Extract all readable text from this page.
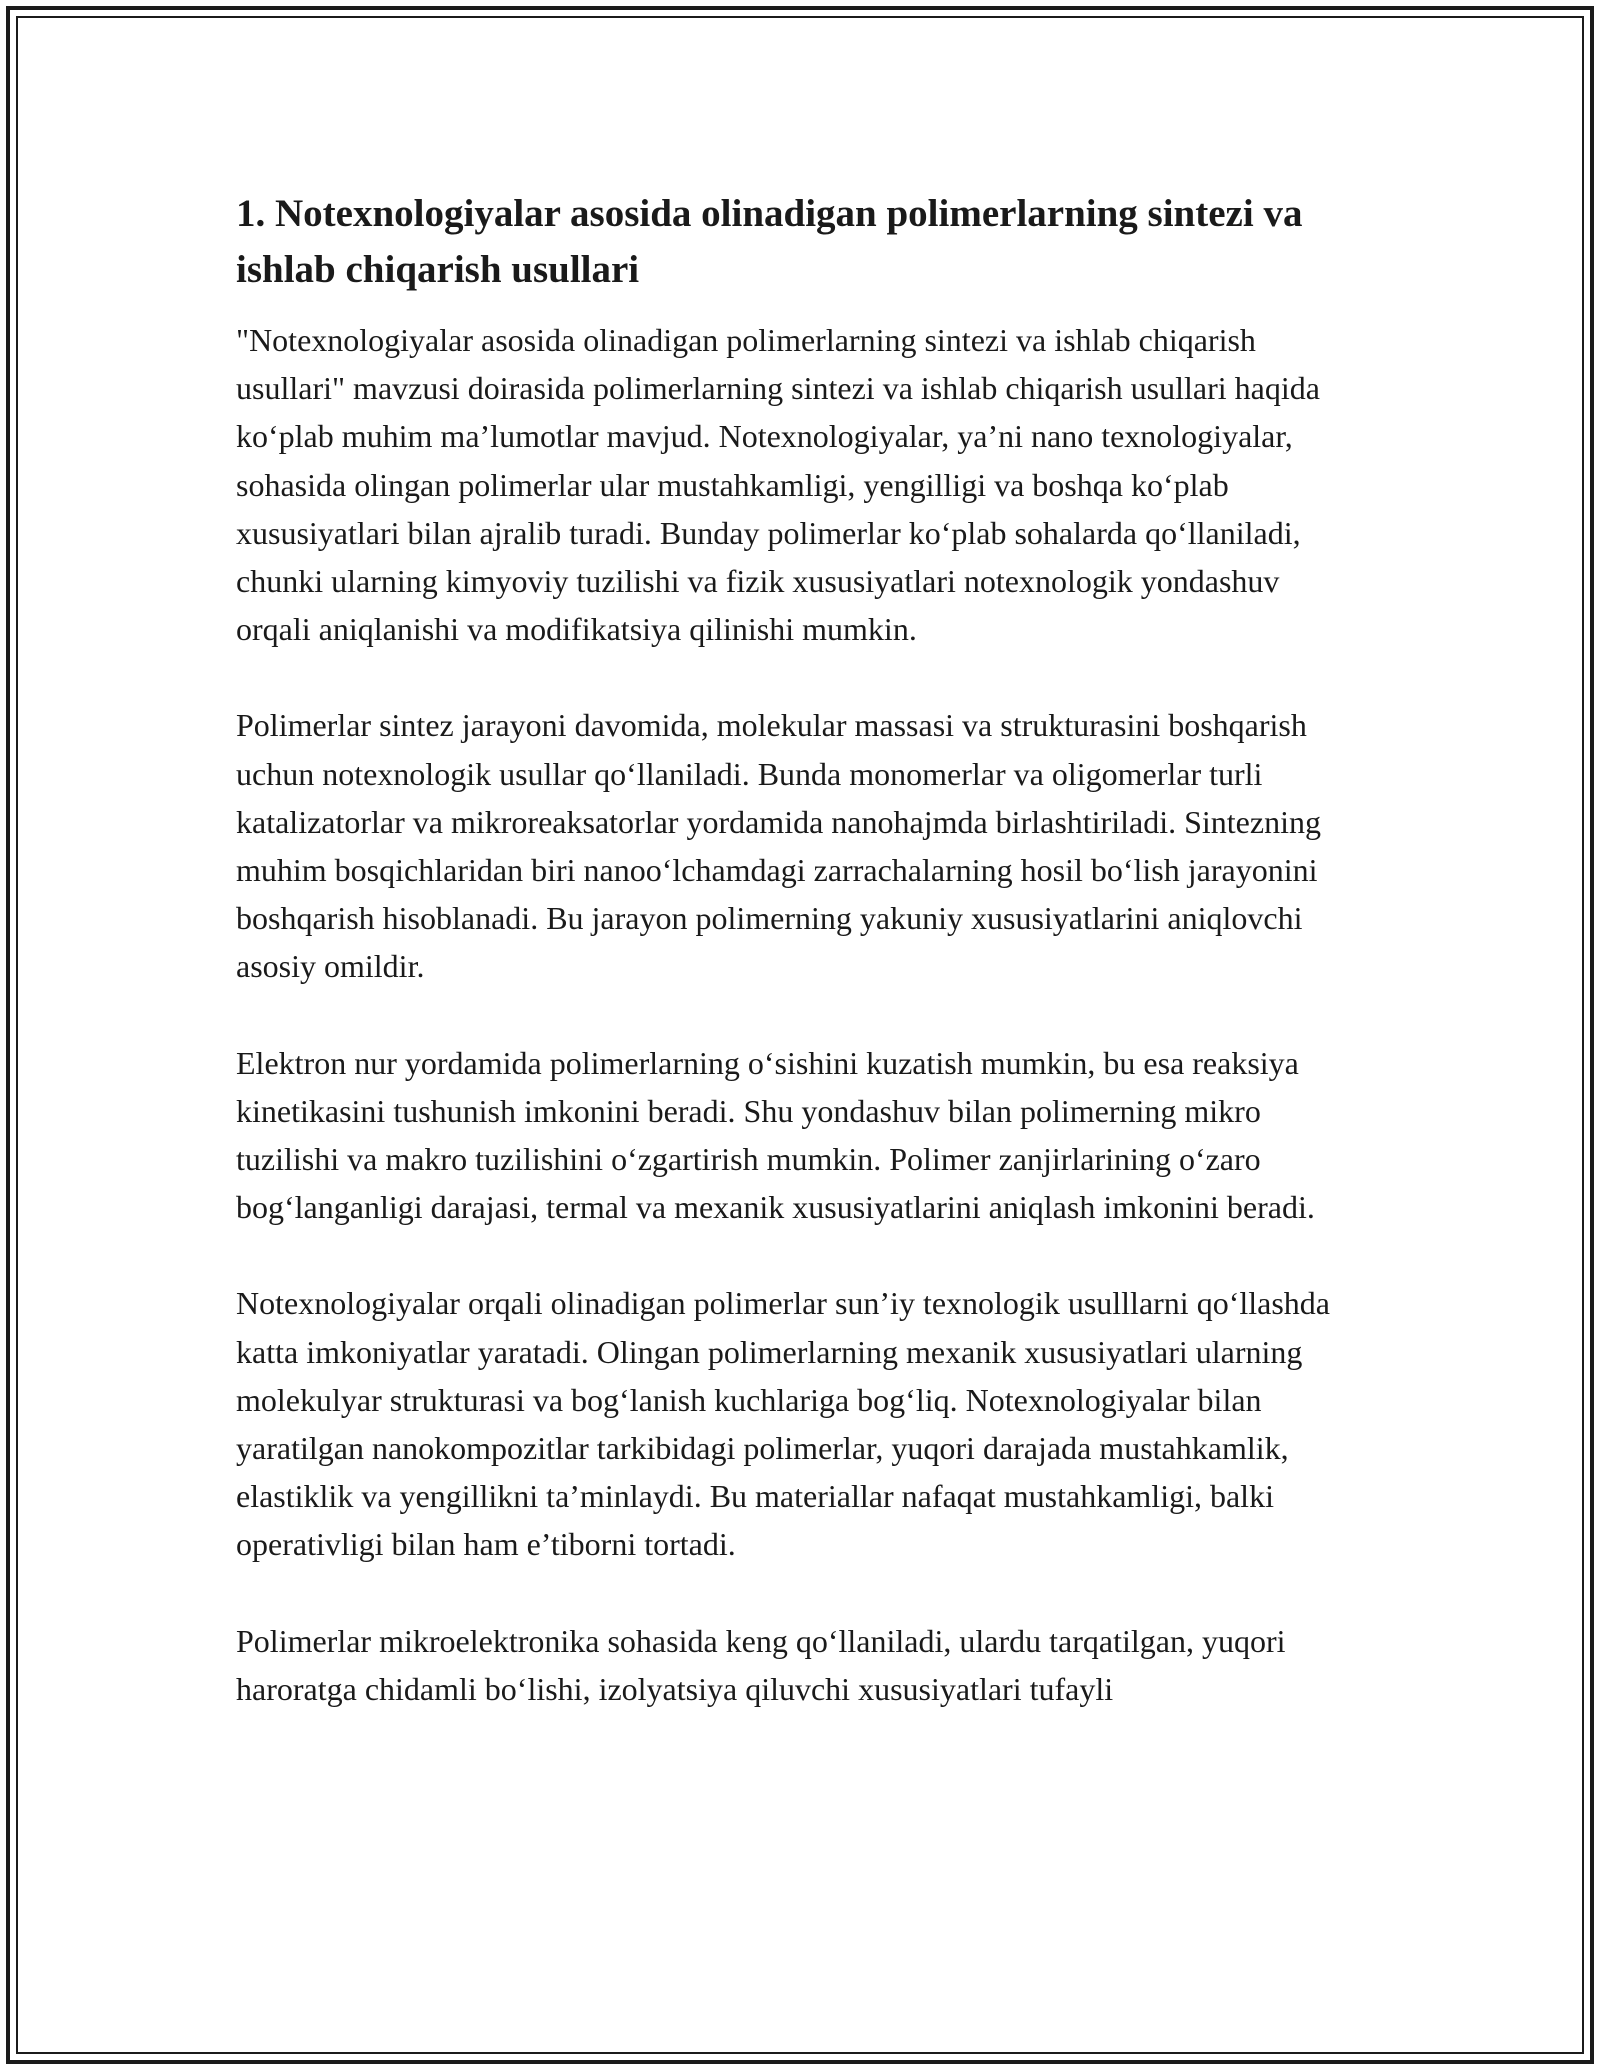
1. Notexnologiyalar asosida olinadigan polimerlarning sintezi va ishlab chiqarish usullari

"Notexnologiyalar asosida olinadigan polimerlarning sintezi va ishlab chiqarish usullari" mavzusi doirasida polimerlarning sintezi va ishlab chiqarish usullari haqida ko‘plab muhim ma’lumotlar mavjud. Notexnologiyalar, ya’ni nano texnologiyalar, sohasida olingan polimerlar ular mustahkamligi, yengilligi va boshqa ko‘plab xususiyatlari bilan ajralib turadi. Bunday polimerlar ko‘plab sohalarda qo‘llaniladi, chunki ularning kimyoviy tuzilishi va fizik xususiyatlari notexnologik yondashuv orqali aniqlanishi va modifikatsiya qilinishi mumkin.

Polimerlar sintez jarayoni davomida, molekular massasi va strukturasini boshqarish uchun notexnologik usullar qo‘llaniladi. Bunda monomerlar va oligomerlar turli katalizatorlar va mikroreaksatorlar yordamida nanohajmda birlashtiriladi. Sintezning muhim bosqichlaridan biri nanoo‘lchamdagi zarrachalarning hosil bo‘lish jarayonini boshqarish hisoblanadi. Bu jarayon polimerning yakuniy xususiyatlarini aniqlovchi asosiy omildir.

Elektron nur yordamida polimerlarning o‘sishini kuzatish mumkin, bu esa reaksiya kinetikasini tushunish imkonini beradi. Shu yondashuv bilan polimerning mikro tuzilishi va makro tuzilishini o‘zgartirish mumkin. Polimer zanjirlarining o‘zaro bog‘langanligi darajasi, termal va mexanik xususiyatlarini aniqlash imkonini beradi.

Notexnologiyalar orqali olinadigan polimerlar sun’iy texnologik usulllarni qo‘llashda katta imkoniyatlar yaratadi. Olingan polimerlarning mexanik xususiyatlari ularning molekulyar strukturasi va bog‘lanish kuchlariga bog‘liq. Notexnologiyalar bilan yaratilgan nanokompozitlar tarkibidagi polimerlar, yuqori darajada mustahkamlik, elastiklik va yengillikni ta’minlaydi. Bu materiallar nafaqat mustahkamligi, balki operativligi bilan ham e’tiborni tortadi.

Polimerlar mikroelektronika sohasida keng qo‘llaniladi, ulardu tarqatilgan, yuqori haroratga chidamli bo‘lishi, izolyatsiya qiluvchi xususiyatlari tufayli
